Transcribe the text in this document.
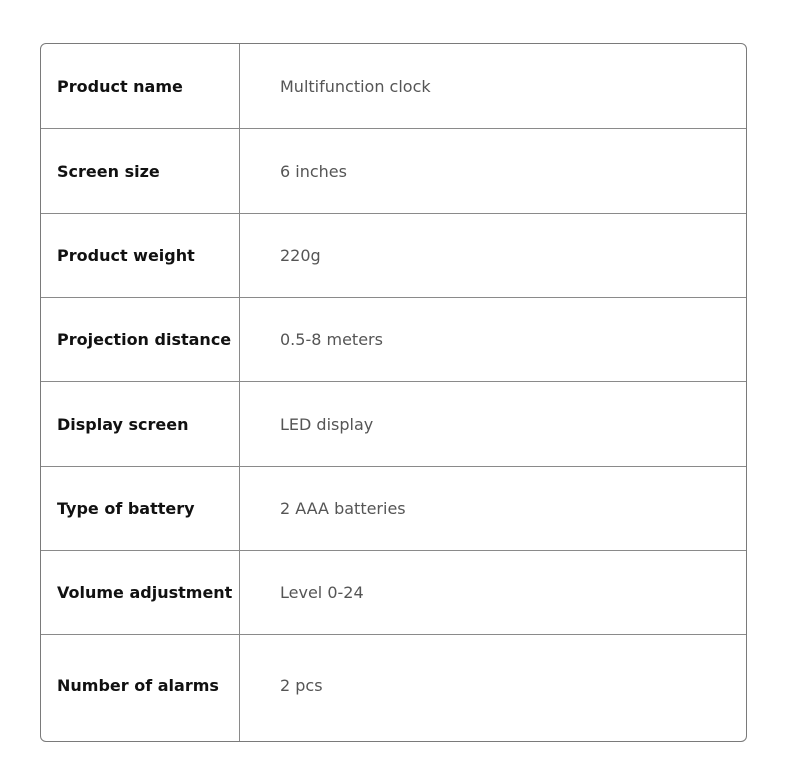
Product name	Multifunction clock
Screen size	6 inches
Product weight	220g
Projection distance	0.5-8 meters
Display screen	LED display
Type of battery	2 AAA batteries
Volume adjustment	Level 0-24
Number of alarms	2 pcs
